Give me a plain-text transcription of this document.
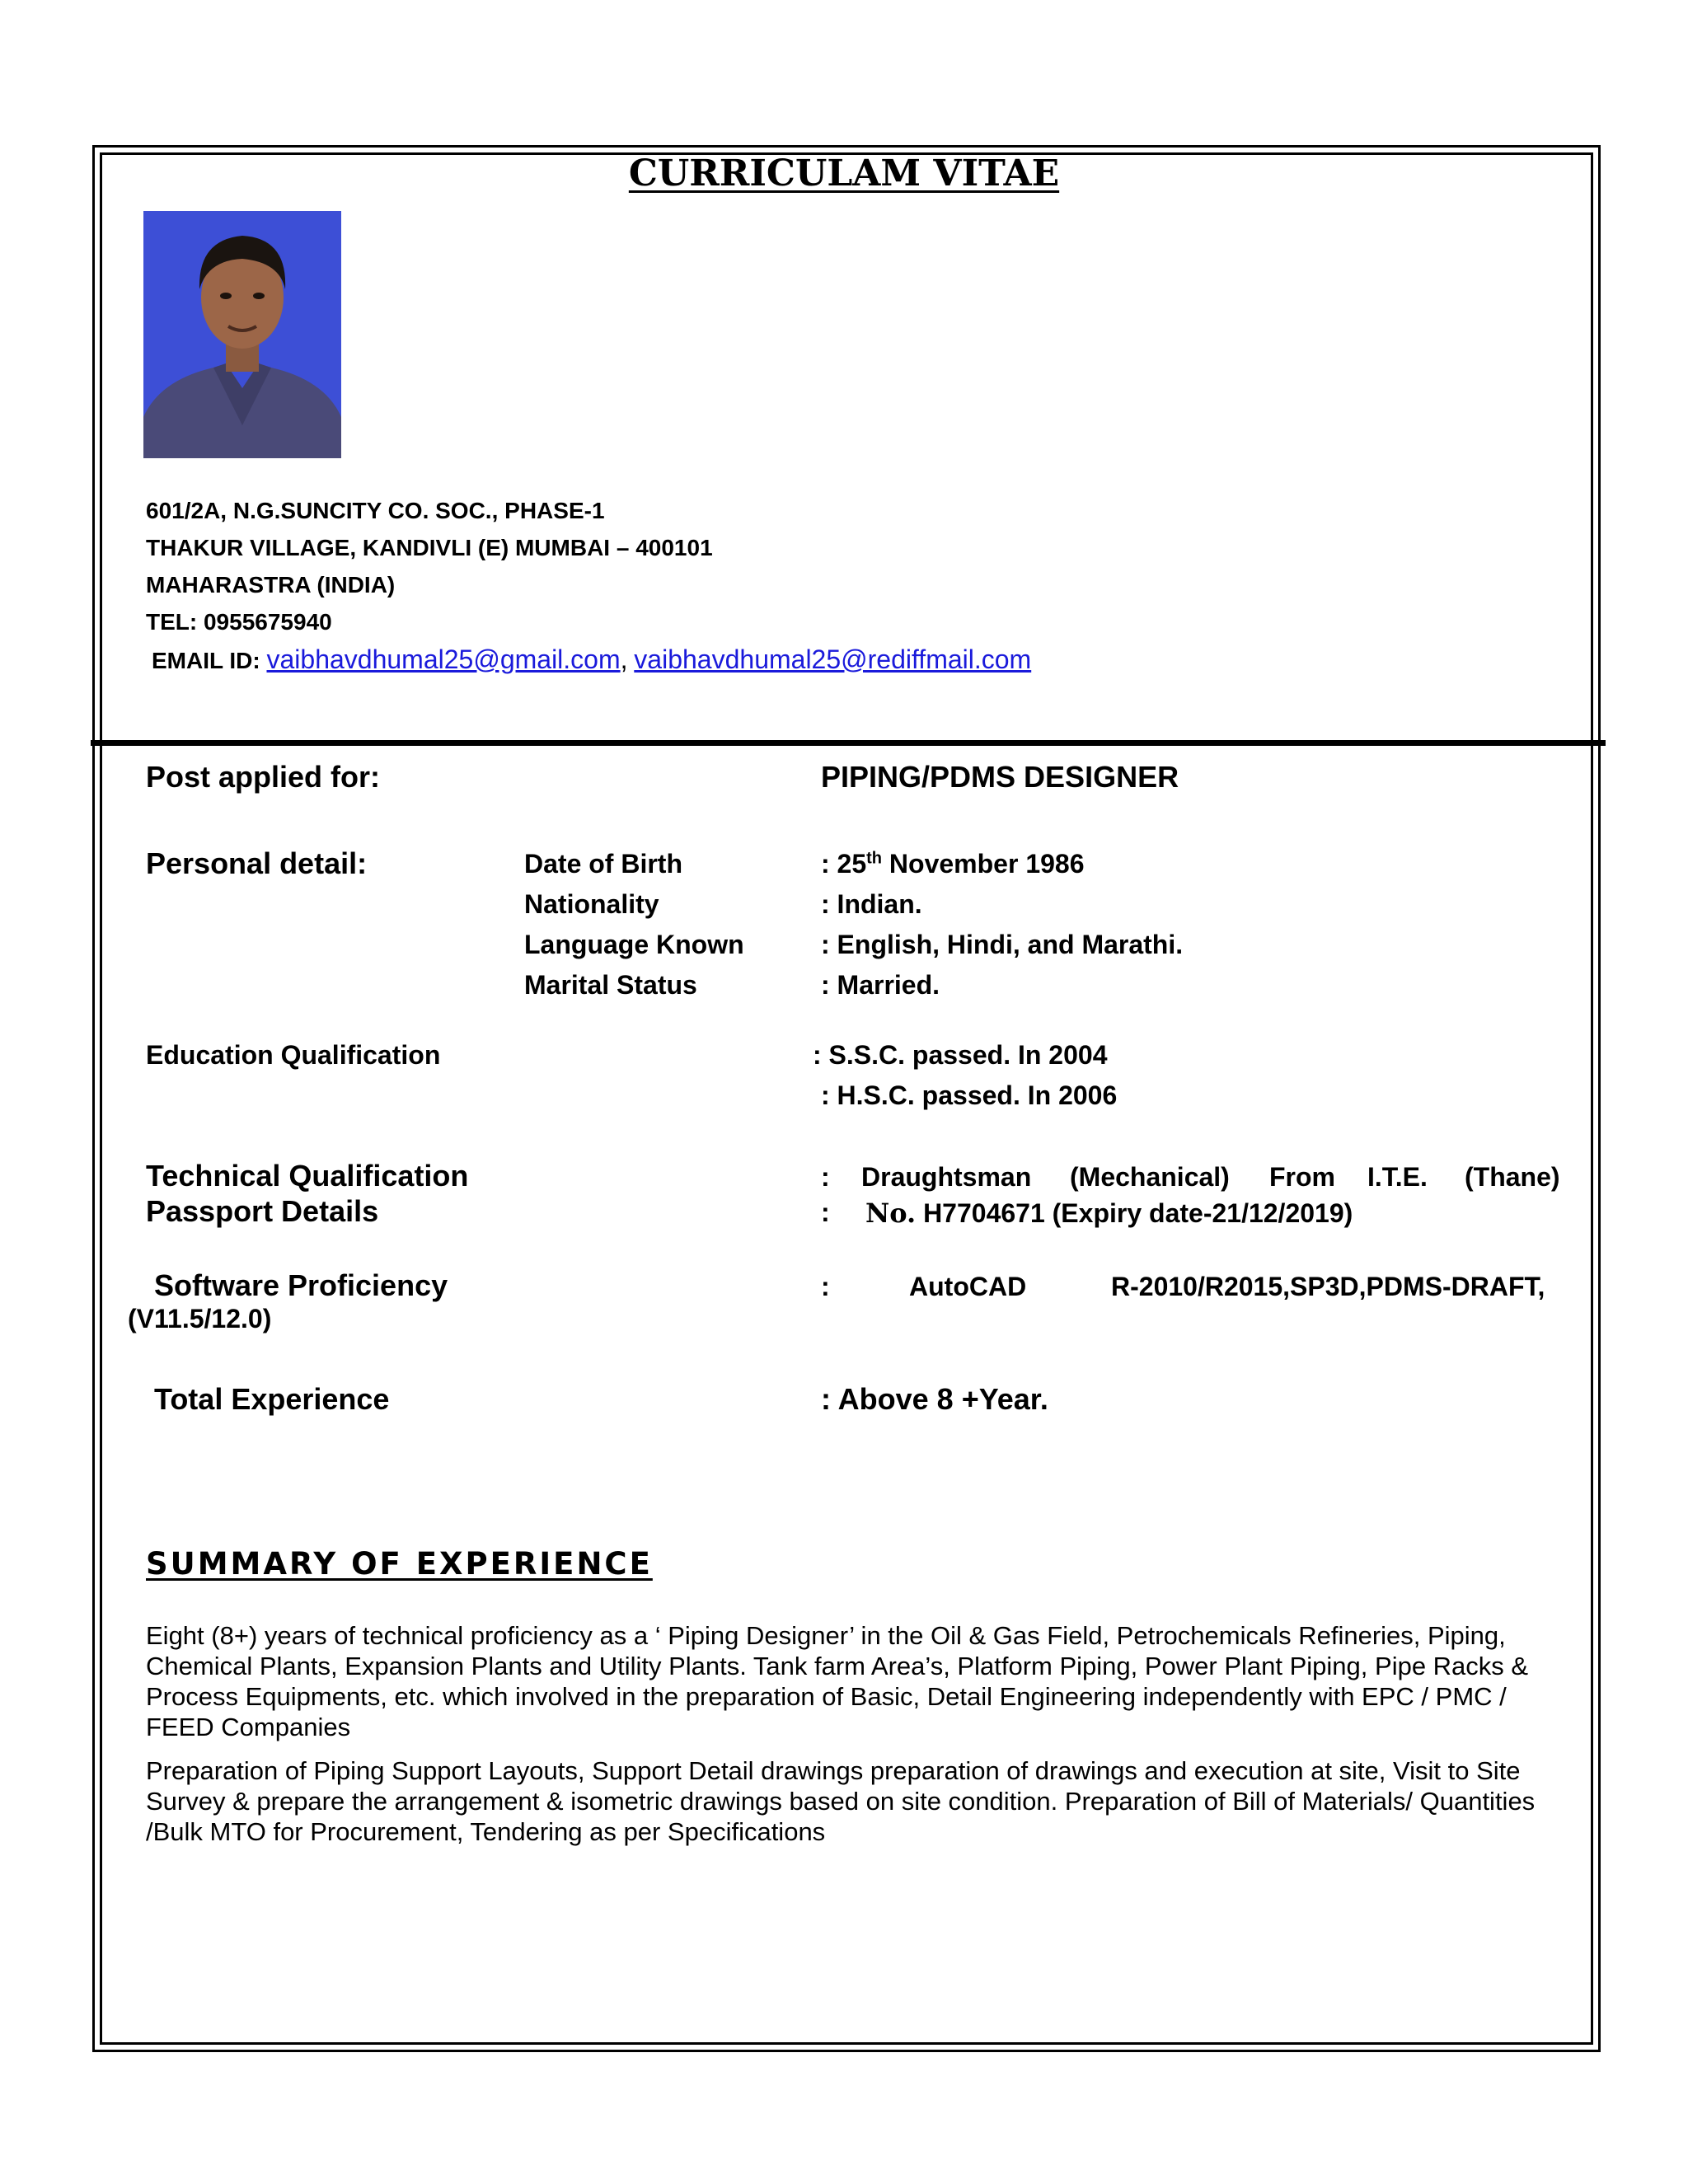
CURRICULAM VITAE
601/2A, N.G.SUNCITY CO. SOC., PHASE-1
THAKUR VILLAGE, KANDIVLI (E) MUMBAI – 400101
MAHARASTRA (INDIA)
TEL: 0955675940
EMAIL ID: vaibhavdhumal25@gmail.com, vaibhavdhumal25@rediffmail.com
Post applied for:	PIPING/PDMS DESIGNER
Personal detail:	Date of Birth	: 25th November 1986
Nationality	: Indian.
Language Known	: English, Hindi, and Marathi.
Marital Status	: Married.
Education Qualification	: S.S.C. passed. In 2004
: H.S.C. passed. In 2006
Technical Qualification	: Draughtsman (Mechanical) From I.T.E. (Thane)
Passport Details	: No. H7704671 (Expiry date-21/12/2019)
Software Proficiency	:	AutoCAD	R-2010/R2015,SP3D,PDMS-DRAFT,
(V11.5/12.0)
Total Experience	: Above 8 +Year.
SUMMARY OF EXPERIENCE
Eight (8+) years of technical proficiency as a ‘ Piping Designer’ in the Oil & Gas Field, Petrochemicals Refineries, Piping, Chemical Plants, Expansion Plants and Utility Plants. Tank farm Area’s, Platform Piping, Power Plant Piping, Pipe Racks & Process Equipments, etc. which involved in the preparation of Basic, Detail Engineering independently with EPC / PMC / FEED Companies
Preparation of Piping Support Layouts, Support Detail drawings preparation of drawings and execution at site, Visit to Site Survey & prepare the arrangement & isometric drawings based on site condition. Preparation of Bill of Materials/ Quantities /Bulk MTO for Procurement, Tendering as per Specifications
